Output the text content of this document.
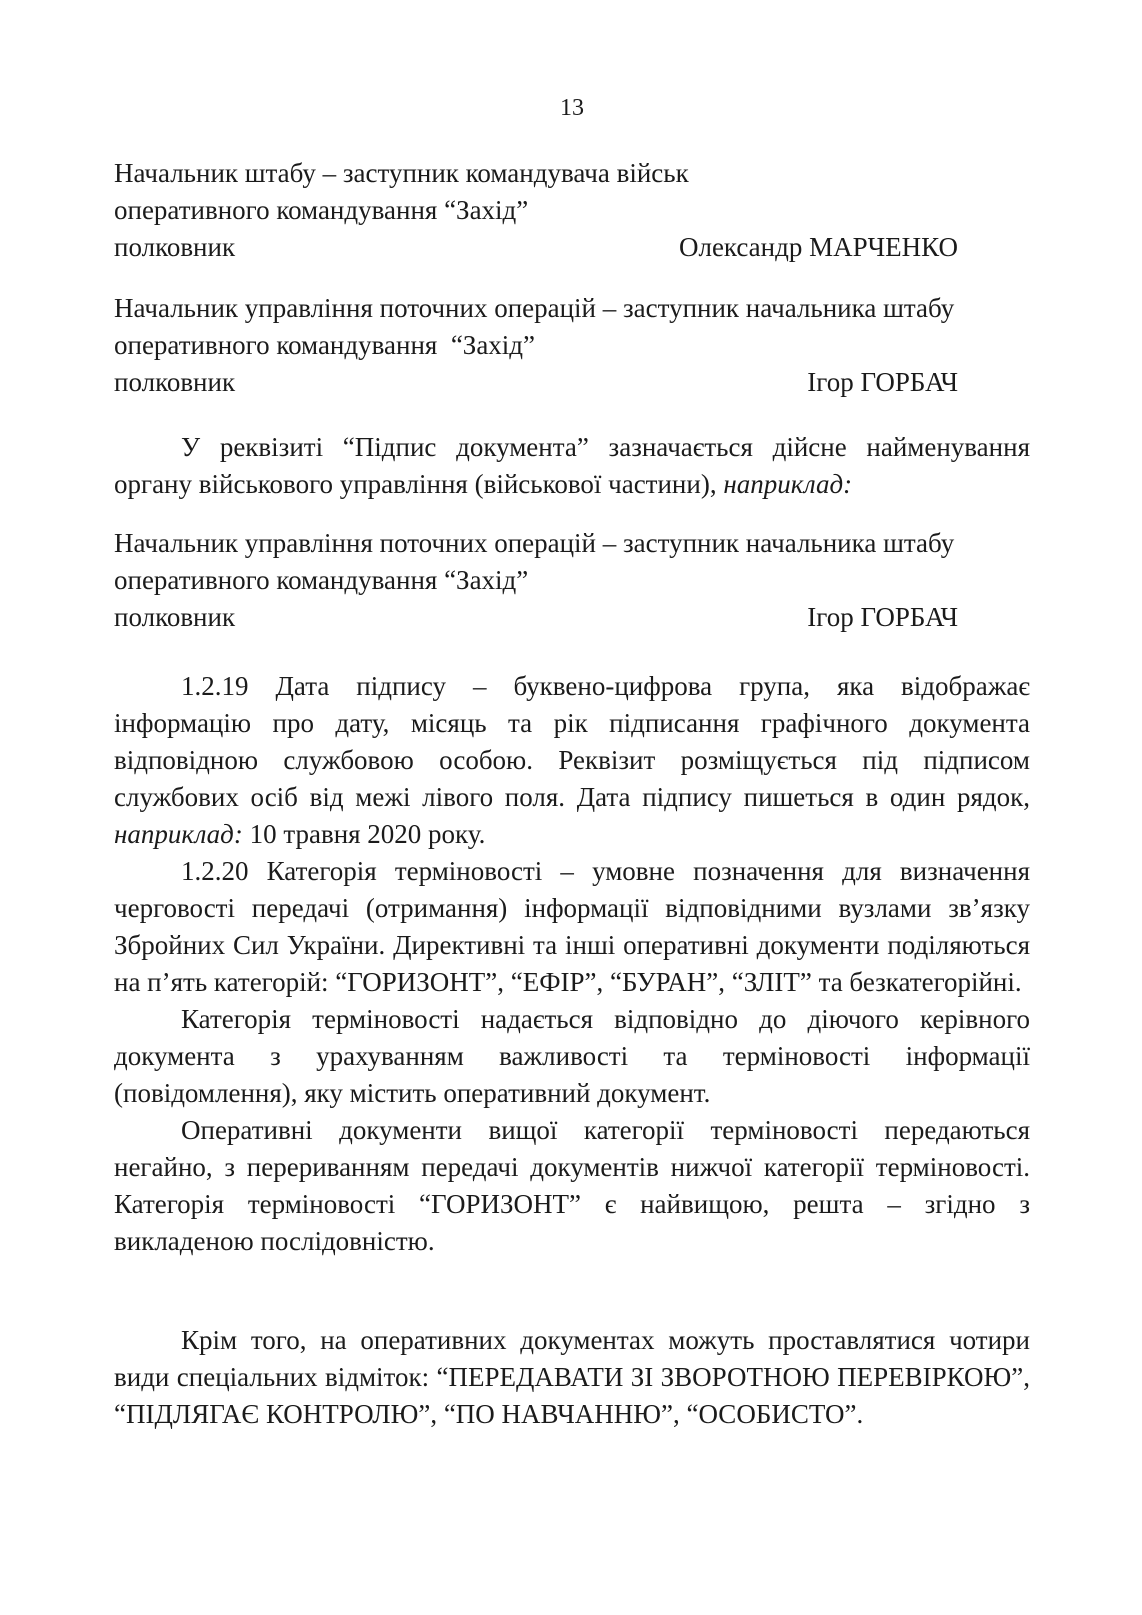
13
Начальник штабу – заступник командувача військ
оперативного командування “Захід”
полковник	Олександр МАРЧЕНКО
Начальник управління поточних операцій – заступник начальника штабу
оперативного командування  “Захід”
полковник	Ігор ГОРБАЧ

У реквізиті “Підпис документа” зазначається дійсне найменування органу військового управління (військової частини), наприклад:

Начальник управління поточних операцій – заступник начальника штабу
оперативного командування “Захід”
полковник	Ігор ГОРБАЧ

1.2.19 Дата підпису – буквено-цифрова група, яка відображає інформацію про дату, місяць та рік підписання графічного документа відповідною службовою особою. Реквізит розміщується під підписом службових осіб від межі лівого поля. Дата підпису пишеться в один рядок, наприклад: 10 травня 2020 року.

1.2.20 Категорія терміновості – умовне позначення для визначення черговості передачі (отримання) інформації відповідними вузлами зв’язку Збройних Сил України. Директивні та інші оперативні документи поділяються на п’ять категорій: “ГОРИЗОНТ”, “ЕФІР”, “БУРАН”, “ЗЛІТ” та безкатегорійні.

Категорія терміновості надається відповідно до діючого керівного документа з урахуванням важливості та терміновості інформації (повідомлення), яку містить оперативний документ.

Оперативні документи вищої категорії терміновості передаються негайно, з перериванням передачі документів нижчої категорії терміновості. Категорія терміновості “ГОРИЗОНТ” є найвищою, решта – згідно з викладеною послідовністю.

Крім того, на оперативних документах можуть проставлятися чотири види спеціальних відміток: “ПЕРЕДАВАТИ ЗІ ЗВОРОТНОЮ ПЕРЕВІРКОЮ”, “ПІДЛЯГАЄ КОНТРОЛЮ”, “ПО НАВЧАННЮ”, “ОСОБИСТО”.
